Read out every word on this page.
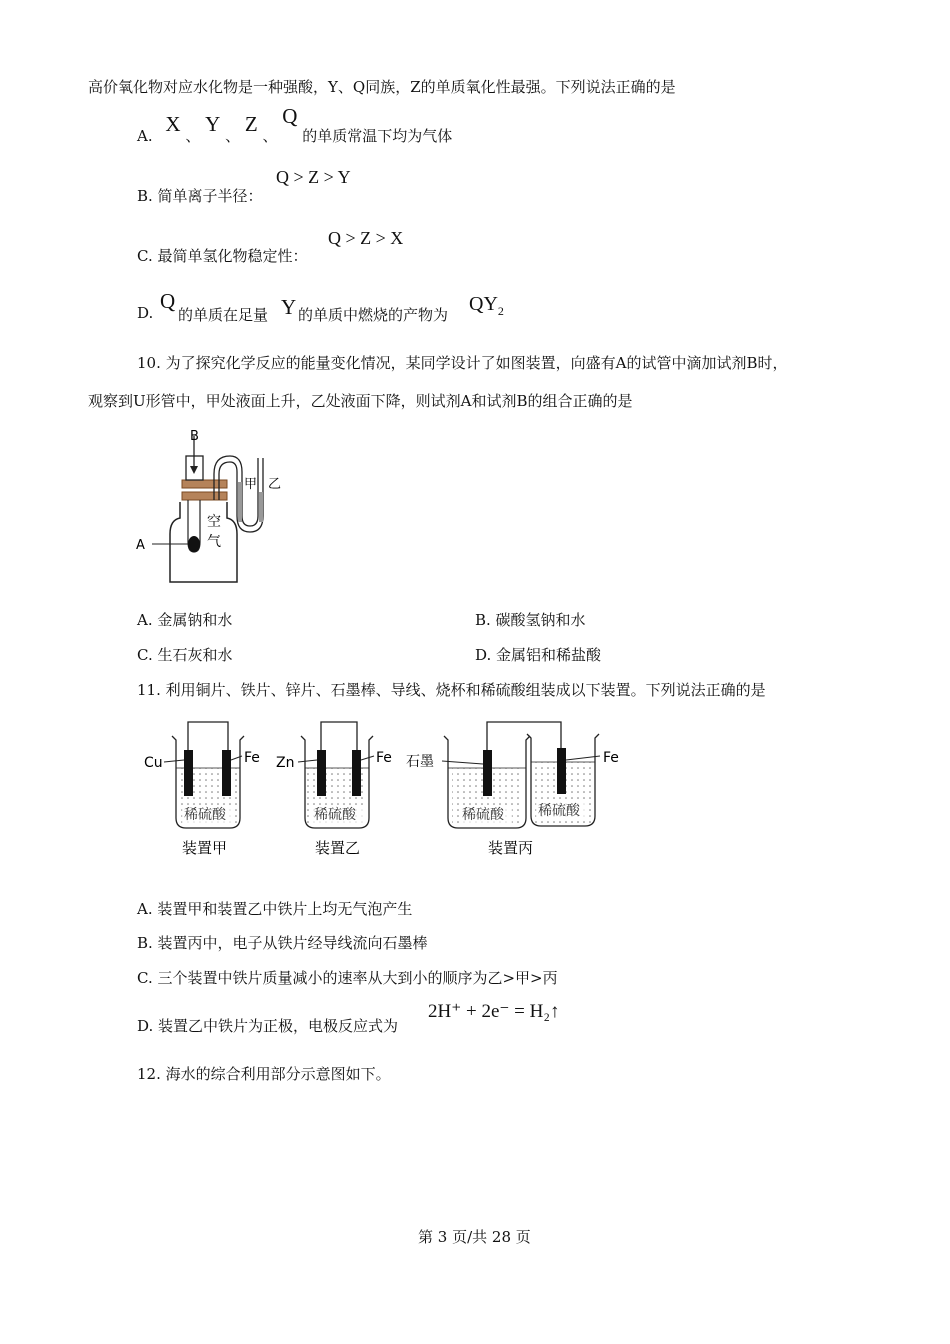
高价氧化物对应水化物是一种强酸，Y、Q同族，Z的单质氧化性最强。下列说法正确的是
A. X 、 Y 、 Z 、 Q 的单质常温下均为气体
B. 简单离子半径：
Q > Z > Y
C. 最简单氢化物稳定性：
Q > Z > X
D. Q
的单质在足量 Y 的单质中燃烧的产物为 $QY_2$
10. 为了探究化学反应的能量变化情况，某同学设计了如图装置，向盛有A的试管中滴加试剂B时，
观察到U形管中，甲处液面上升，乙处液面下降，则试剂A和试剂B的组合正确的是
B
A
甲 乙
空
气
A. 金属钠和水	B. 碳酸氢钠和水
C. 生石灰和水	D. 金属铝和稀盐酸
11. 利用铜片、铁片、锌片、石墨棒、导线、烧杯和稀硫酸组装成以下装置。下列说法正确的是
Cu	Fe
稀硫酸
Zn	Fe
稀硫酸
石墨
稀硫酸
Fe
稀硫酸
装置甲	装置乙	装置丙
A. 装置甲和装置乙中铁片上均无气泡产生
B. 装置丙中，电子从铁片经导线流向石墨棒
C. 三个装置中铁片质量减小的速率从大到小的顺序为乙>甲>丙
D. 装置乙中铁片为正极，电极反应式为
2H⁺ + 2e⁻ = H₂↑
12. 海水的综合利用部分示意图如下。
第 3 页/共 28 页
